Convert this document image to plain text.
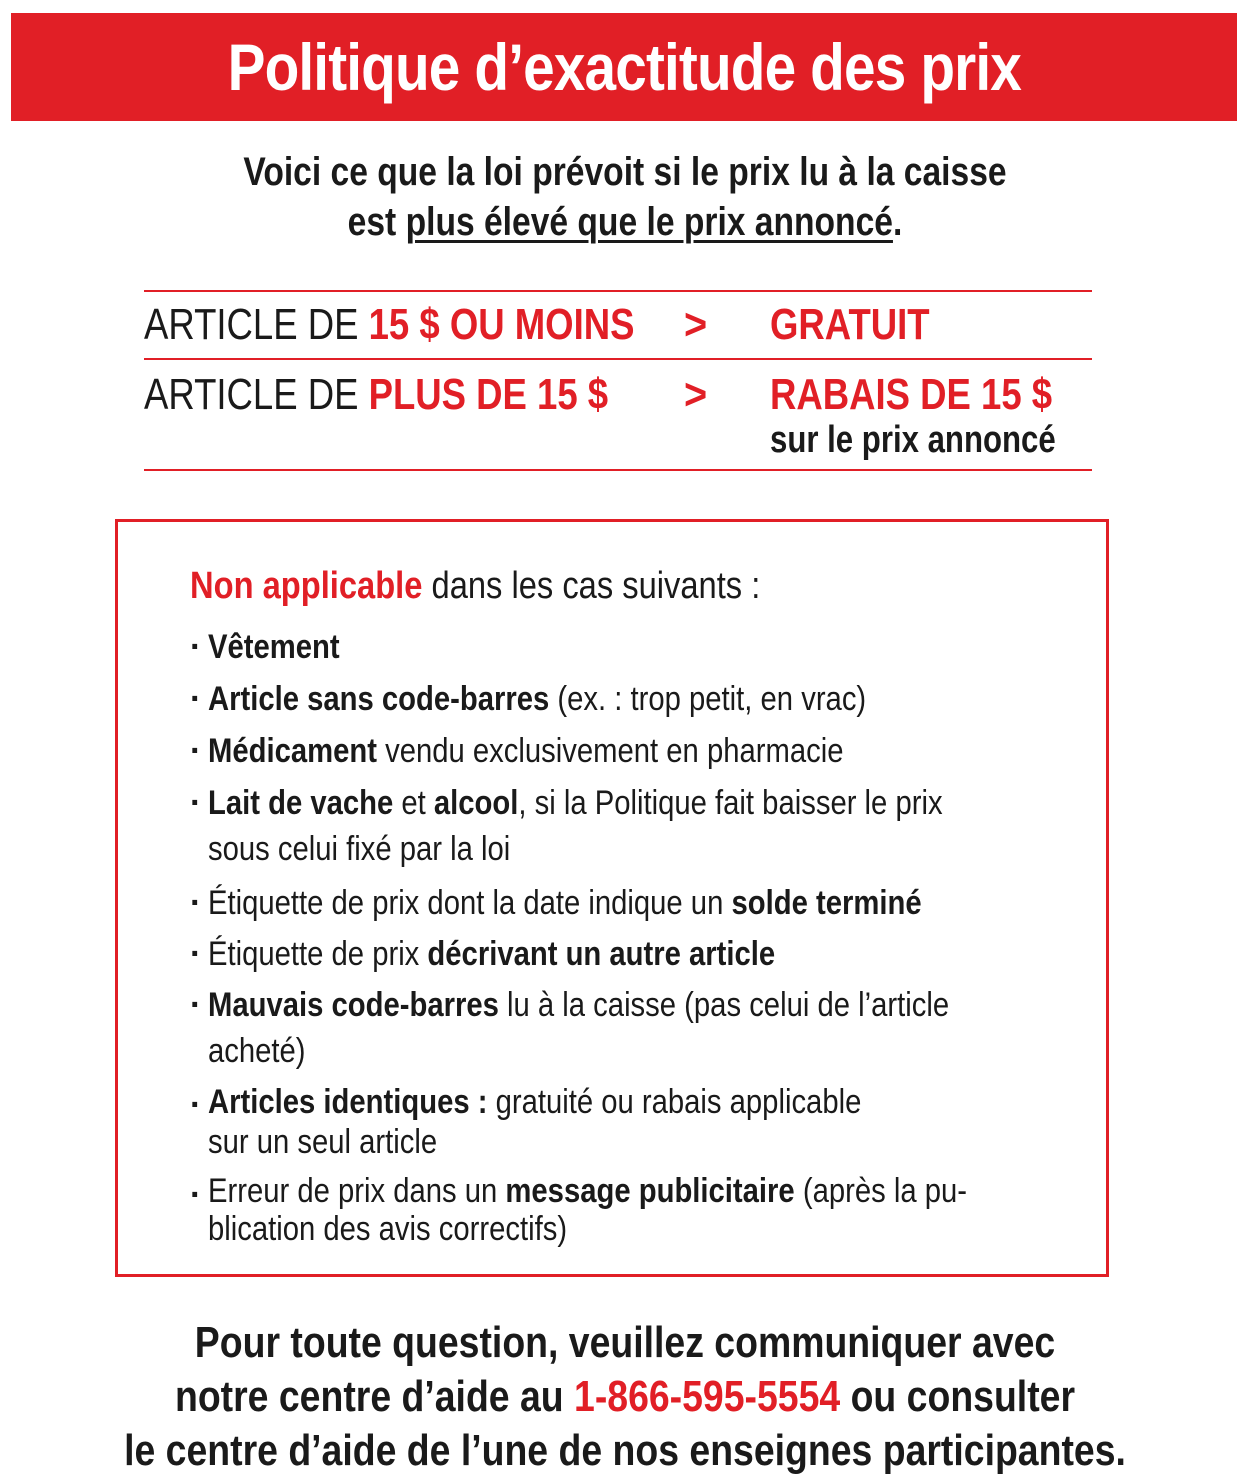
Politique d’exactitude des prix
Voici ce que la loi prévoit si le prix lu à la caisse
est plus élevé que le prix annoncé.
ARTICLE DE 15 $ OU MOINS > GRATUIT
ARTICLE DE PLUS DE 15 $ > RABAIS DE 15 $
sur le prix annoncé
Non applicable dans les cas suivants :
· Vêtement
· Article sans code-barres (ex. : trop petit, en vrac)
· Médicament vendu exclusivement en pharmacie
· Lait de vache et alcool, si la Politique fait baisser le prix
sous celui fixé par la loi
· Étiquette de prix dont la date indique un solde terminé
· Étiquette de prix décrivant un autre article
· Mauvais code-barres lu à la caisse (pas celui de l’article
acheté)
· Articles identiques : gratuité ou rabais applicable
sur un seul article
· Erreur de prix dans un message publicitaire (après la pu-
blication des avis correctifs)
Pour toute question, veuillez communiquer avec
notre centre d’aide au 1-866-595-5554 ou consulter
le centre d’aide de l’une de nos enseignes participantes.
